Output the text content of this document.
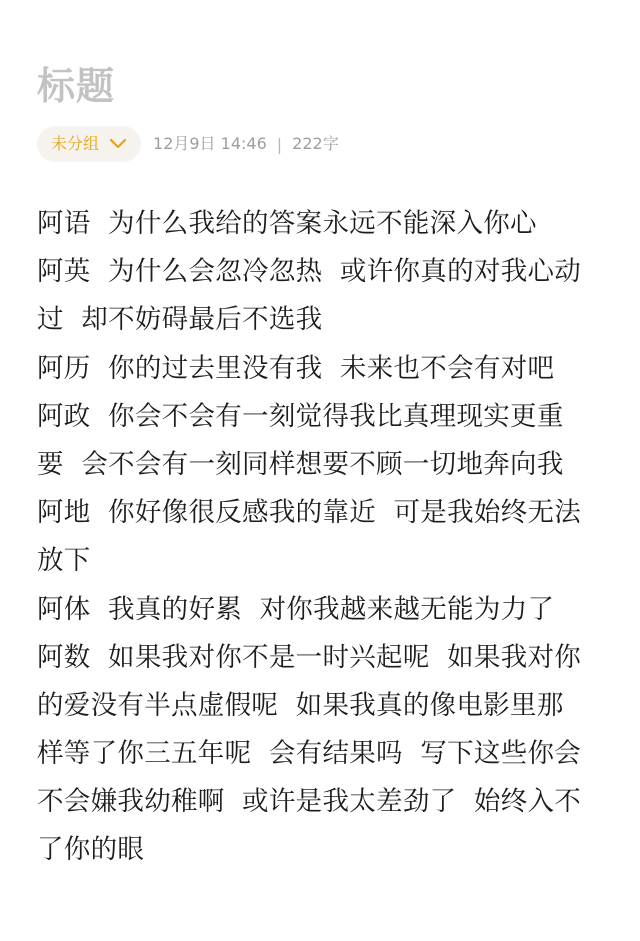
标题
未分组	12月9日 14:46 | 222字
阿语  为什么我给的答案永远不能深入你心
阿英  为什么会忽冷忽热  或许你真的对我心动
过  却不妨碍最后不选我
阿历  你的过去里没有我  未来也不会有对吧
阿政  你会不会有一刻觉得我比真理现实更重
要  会不会有一刻同样想要不顾一切地奔向我
阿地  你好像很反感我的靠近  可是我始终无法
放下
阿体  我真的好累  对你我越来越无能为力了
阿数  如果我对你不是一时兴起呢  如果我对你
的爱没有半点虚假呢  如果我真的像电影里那
样等了你三五年呢  会有结果吗  写下这些你会
不会嫌我幼稚啊  或许是我太差劲了  始终入不
了你的眼
